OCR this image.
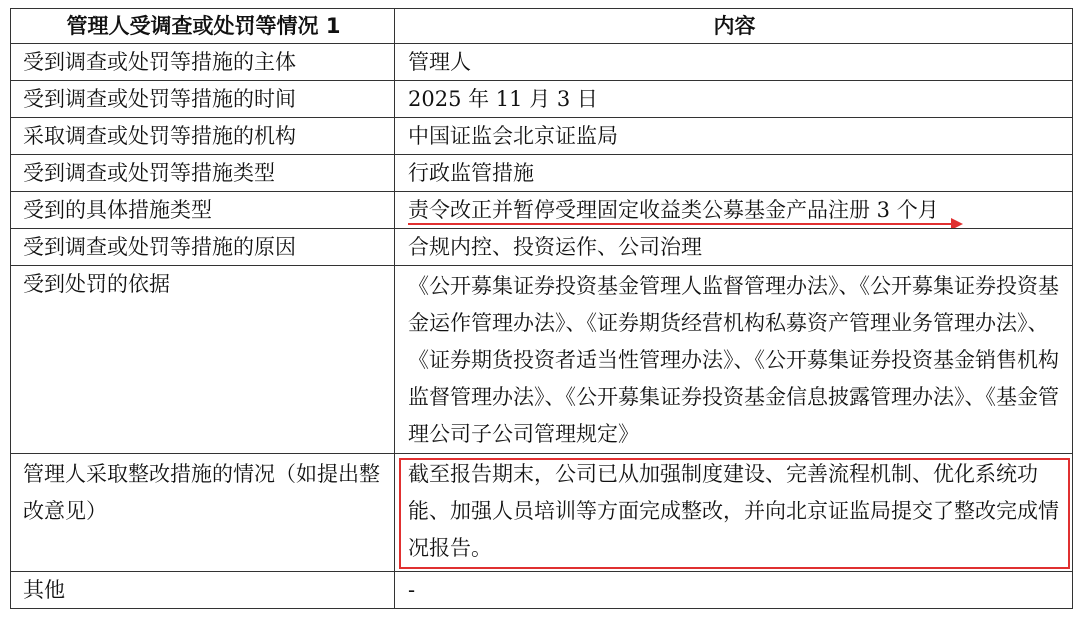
管理人受调查或处罚等情况 1	内容
受到调查或处罚等措施的主体	管理人
受到调查或处罚等措施的时间	2025 年 11 月 3 日
采取调查或处罚等措施的机构	中国证监会北京证监局
受到调查或处罚等措施类型	行政监管措施
受到的具体措施类型	责令改正并暂停受理固定收益类公募基金产品注册 3 个月

受到调查或处罚等措施的原因	合规内控、投资运作、公司治理
受到处罚的依据	《公开募集证券投资基金管理人监督管理办法》、《公开募集证券投资基金运作管理办法》、《证券期货经营机构私募资产管理业务管理办法》、《证券期货投资者适当性管理办法》、《公开募集证券投资基金销售机构监督管理办法》、《公开募集证券投资基金信息披露管理办法》、《基金管理公司子公司管理规定》
管理人采取整改措施的情况（如提出整改意见）	截至报告期末，公司已从加强制度建设、完善流程机制、优化系统功能、加强人员培训等方面完成整改，并向北京证监局提交了整改完成情况报告。

其他	-
